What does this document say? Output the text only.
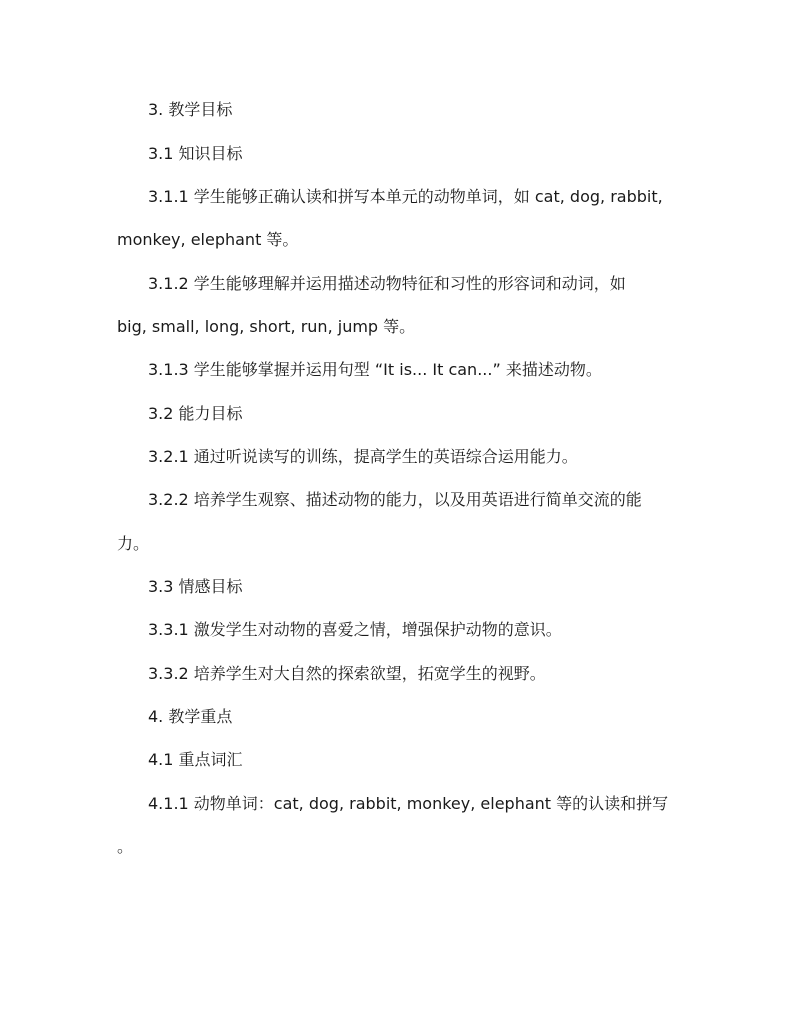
3. 教学目标
3.1 知识目标
3.1.1 学生能够正确认读和拼写本单元的动物单词，如 cat, dog, rabbit,
monkey, elephant 等。
3.1.2 学生能够理解并运用描述动物特征和习性的形容词和动词，如
big, small, long, short, run, jump 等。
3.1.3 学生能够掌握并运用句型 “It is... It can...” 来描述动物。
3.2 能力目标
3.2.1 通过听说读写的训练，提高学生的英语综合运用能力。
3.2.2 培养学生观察、描述动物的能力，以及用英语进行简单交流的能
力。
3.3 情感目标
3.3.1 激发学生对动物的喜爱之情，增强保护动物的意识。
3.3.2 培养学生对大自然的探索欲望，拓宽学生的视野。
4. 教学重点
4.1 重点词汇
4.1.1 动物单词：cat, dog, rabbit, monkey, elephant 等的认读和拼写
。
